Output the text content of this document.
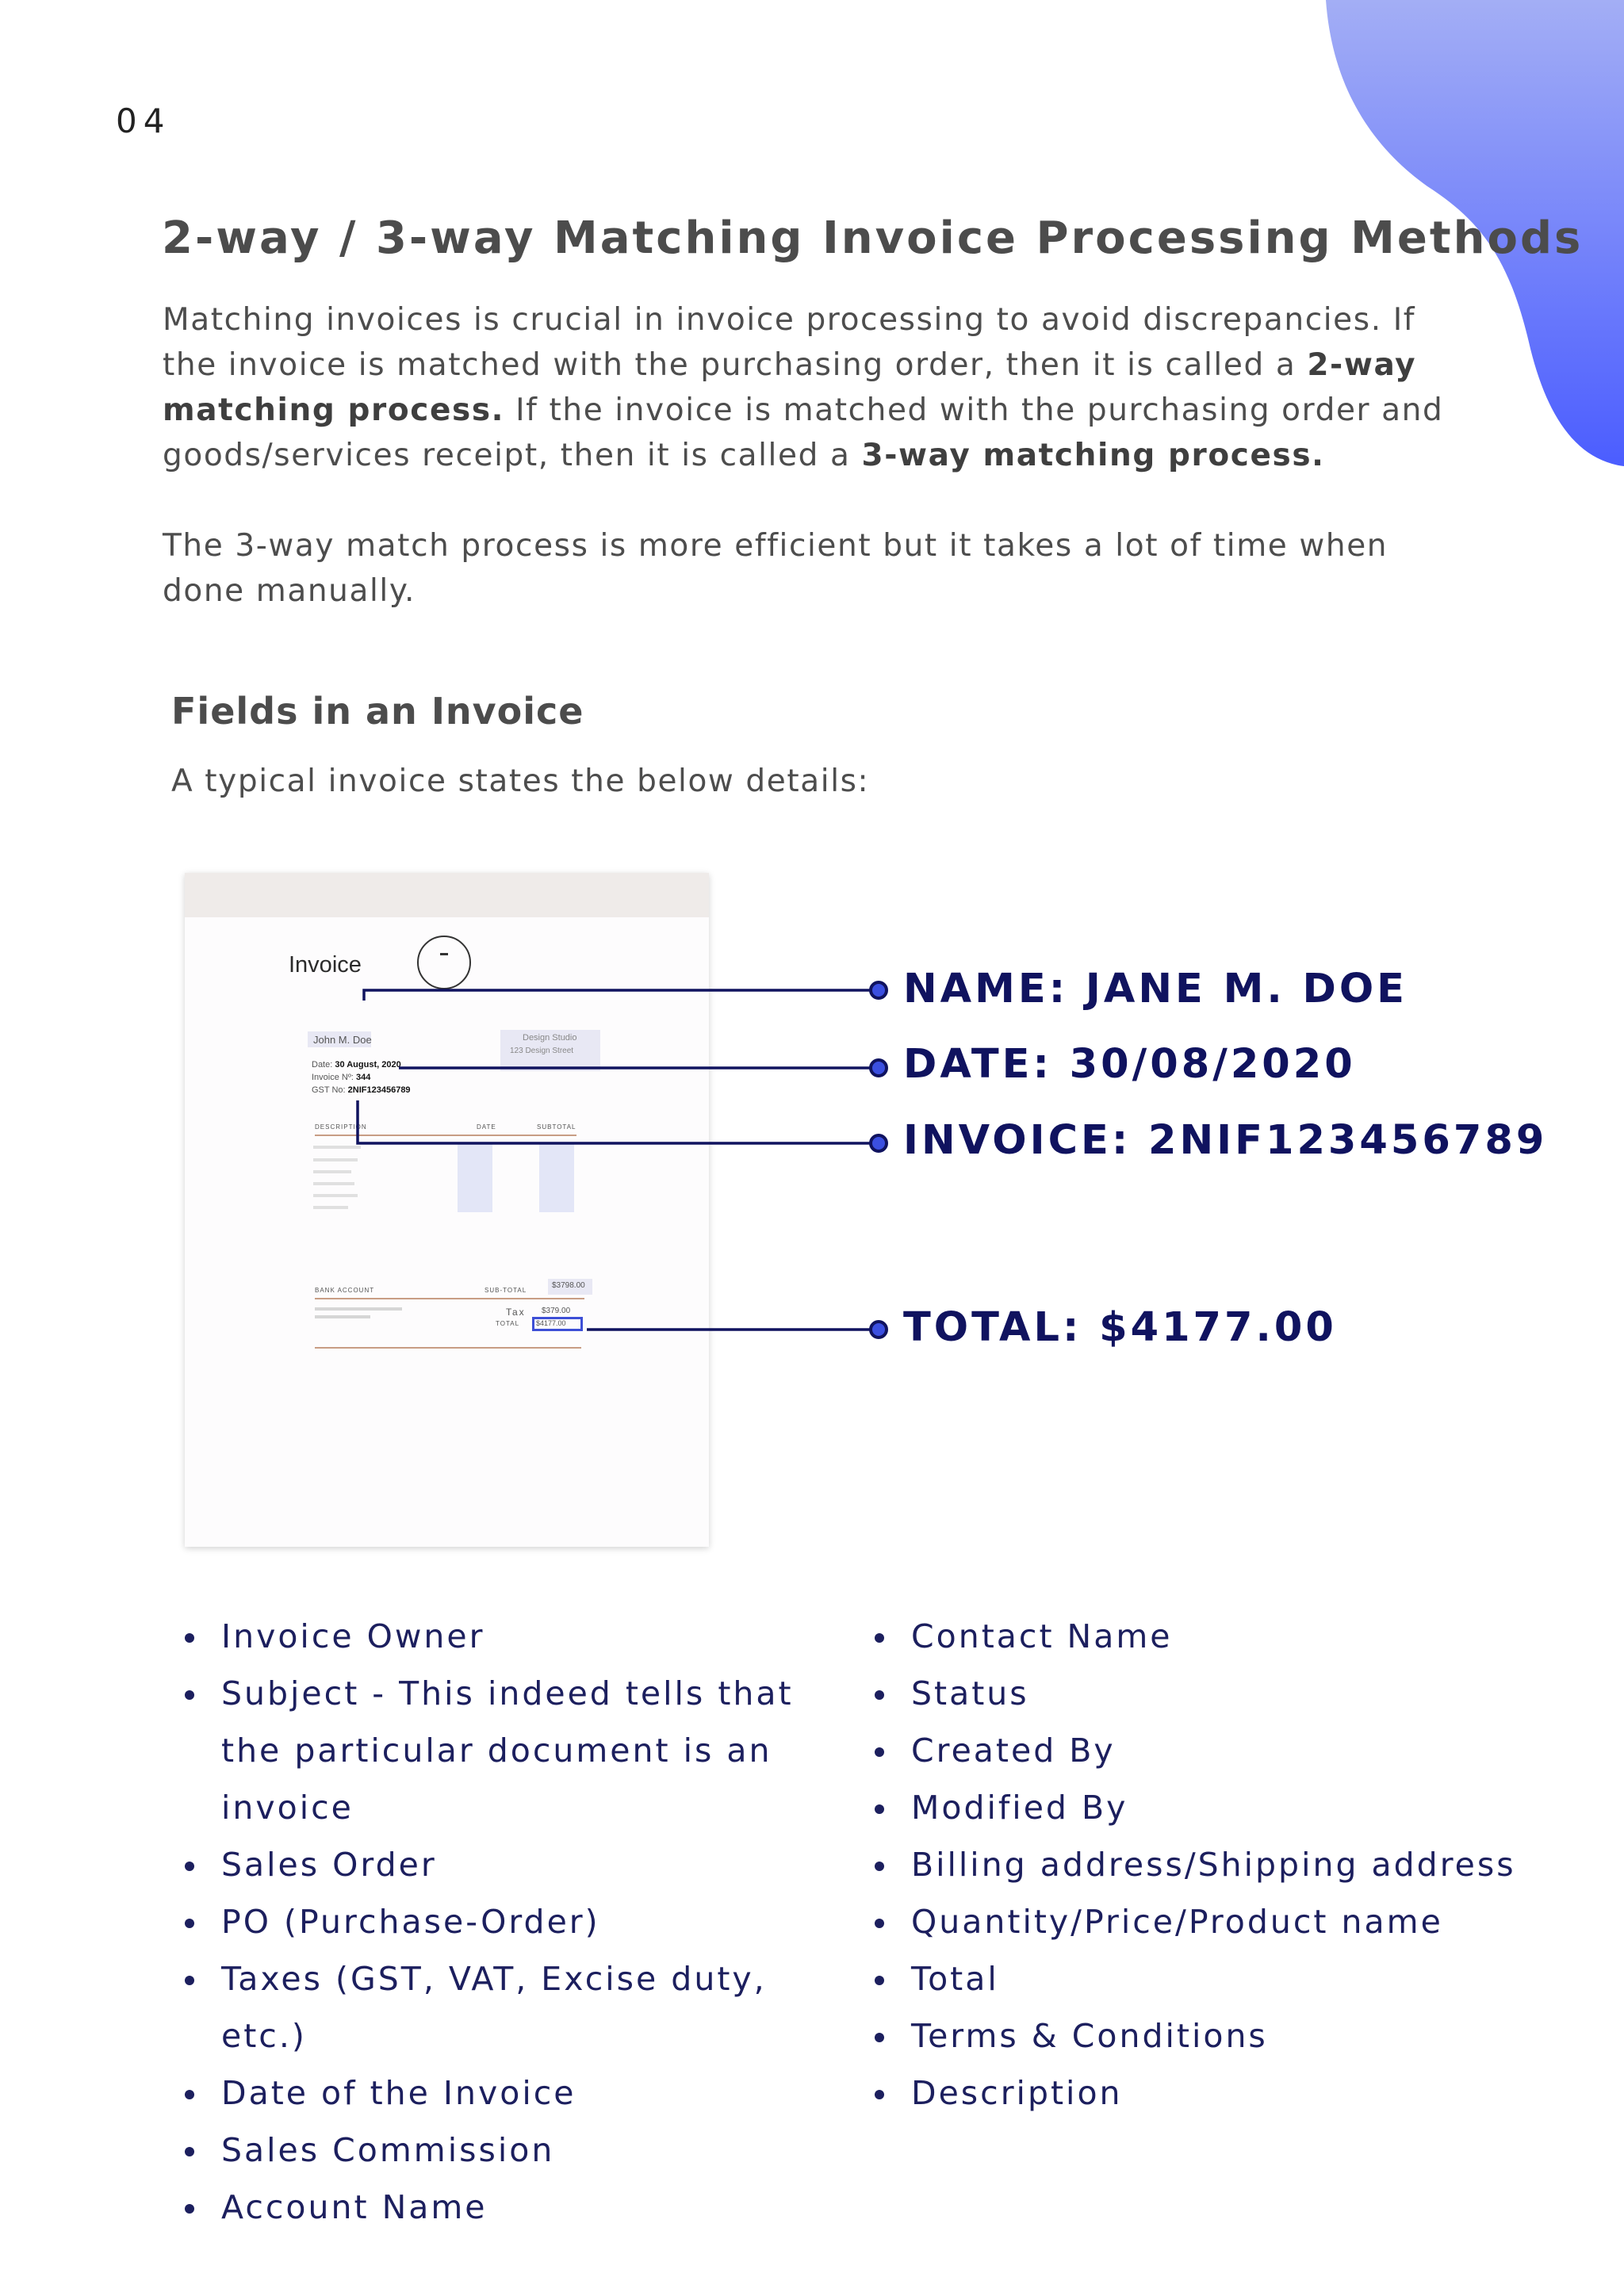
04
2-way / 3-way Matching Invoice Processing Methods

Matching invoices is crucial in invoice processing to avoid discrepancies. If the invoice is matched with the purchasing order, then it is called a 2-way matching process. If the invoice is matched with the purchasing order and goods/services receipt, then it is called a 3-way matching process.

The 3-way match process is more efficient but it takes a lot of time when done manually.

Fields in an Invoice

A typical invoice states the below details:

Invoice
John M. Doe	Design Studio
123 Design Street
Date: 30 August, 2020
Invoice Nº: 344
GST No: 2NIF123456789
DESCRIPTION	DATE	SUBTOTAL
BANK ACCOUNT	SUB-TOTAL
$3798.00
Tax $379.00
TOTAL $4177.00
NAME: JANE M. DOE
DATE: 30/08/2020
INVOICE: 2NIF123456789
TOTAL: $4177.00
Invoice Owner
Subject - This indeed tells that the particular document is an invoice
Sales Order
PO (Purchase-Order)
Taxes (GST, VAT, Excise duty, etc.)
Date of the Invoice
Sales Commission
Account Name
Contact Name
Status
Created By
Modified By
Billing address/Shipping address
Quantity/Price/Product name
Total
Terms & Conditions
Description
